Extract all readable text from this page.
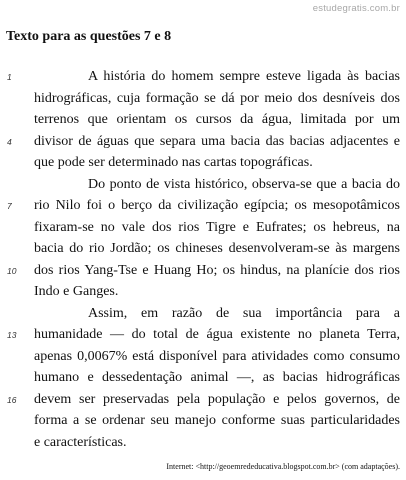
estudegratis.com.br
Texto para as questões 7 e 8
1	A história do homem sempre esteve ligada às bacias
hidrográficas, cuja formação se dá por meio dos desníveis dos
terrenos que orientam os cursos da água, limitada por um
4 divisor de águas que separa uma bacia das bacias adjacentes e
que pode ser determinado nas cartas topográficas.
Do ponto de vista histórico, observa-se que a bacia do
7 rio Nilo foi o berço da civilização egípcia; os mesopotâmicos
fixaram-se no vale dos rios Tigre e Eufrates; os hebreus, na
bacia do rio Jordão; os chineses desenvolveram-se às margens
10 dos rios Yang-Tse e Huang Ho; os hindus, na planície dos rios
Indo e Ganges.
Assim, em razão de sua importância para a
13 humanidade — do total de água existente no planeta Terra,
apenas 0,0067% está disponível para atividades como consumo
humano e dessedentação animal —, as bacias hidrográficas
16 devem ser preservadas pela população e pelos governos, de
forma a se ordenar seu manejo conforme suas particularidades
e características.
Internet: <http://geoemrededucativa.blogspot.com.br> (com adaptações).
